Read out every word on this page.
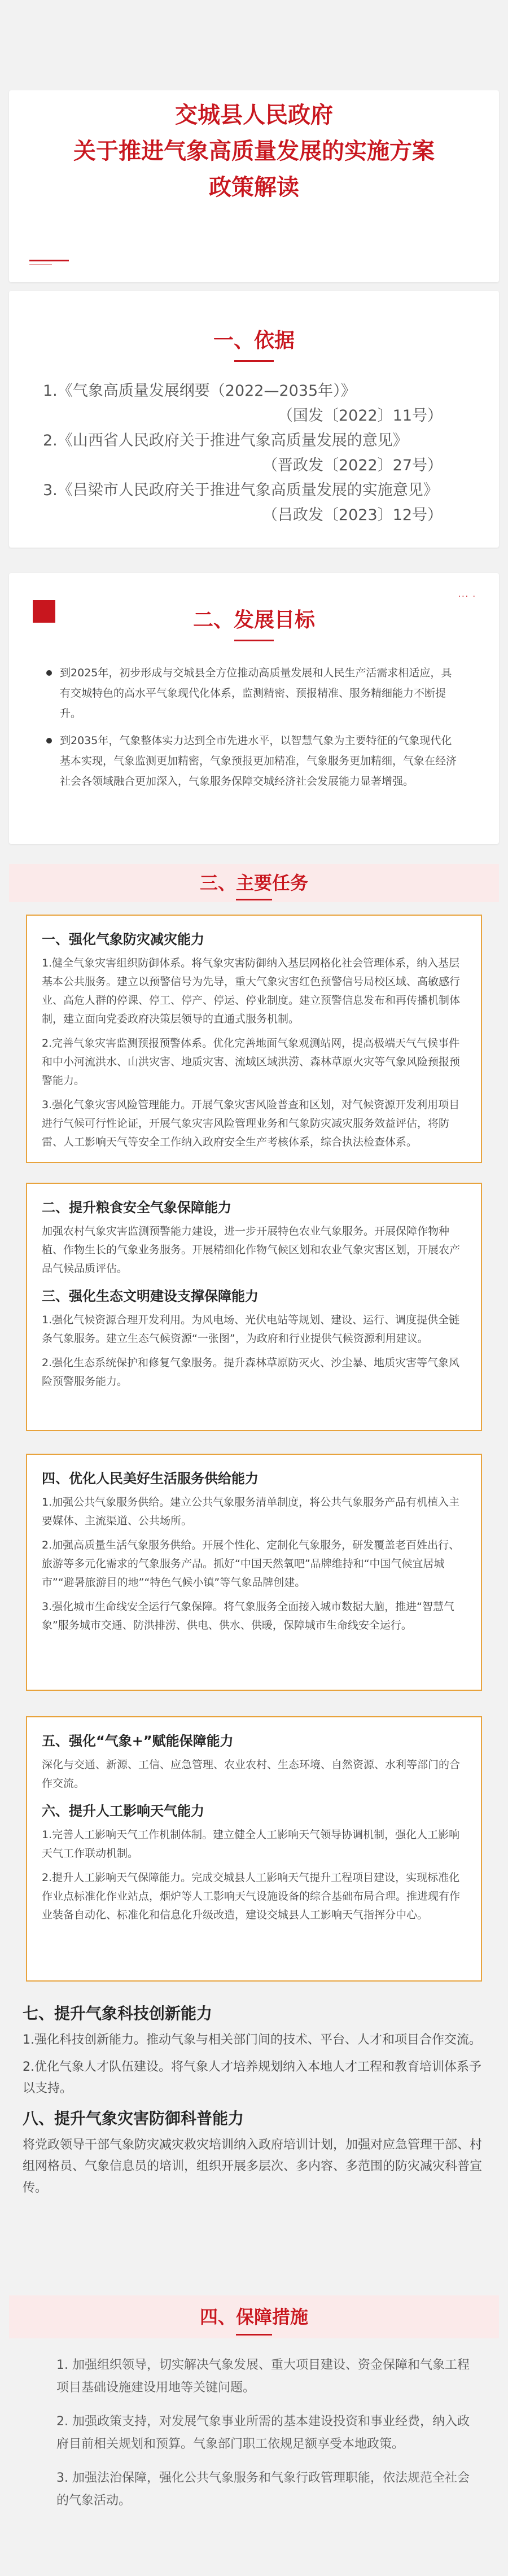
交城县人民政府
关于推进气象高质量发展的实施方案
政策解读
一、依据
1.《气象高质量发展纲要（2022—2035年）》
（国发〔2022〕11号）
2.《山西省人民政府关于推进气象高质量发展的意见》
（晋政发〔2022〕27号）
3.《吕梁市人民政府关于推进气象高质量发展的实施意见》
（吕政发〔2023〕12号）
··· ·
二、发展目标
到2025年，初步形成与交城县全方位推动高质量发展和人民生产活需求相适应，具有交城特色的高水平气象现代化体系，监测精密、预报精准、服务精细能力不断提升。
到2035年，气象整体实力达到全市先进水平，以智慧气象为主要特征的气象现代化基本实现，气象监测更加精密，气象预报更加精准，气象服务更加精细，气象在经济社会各领域融合更加深入，气象服务保障交城经济社会发展能力显著增强。
三、主要任务
一、强化气象防灾减灾能力
1.健全气象灾害组织防御体系。将气象灾害防御纳入基层网格化社会管理体系，纳入基层基本公共服务。建立以预警信号为先导，重大气象灾害红色预警信号局校区域、高敏感行业、高危人群的停课、停工、停产、停运、停业制度。建立预警信息发布和再传播机制体制，建立面向党委政府决策层领导的直通式服务机制。
2.完善气象灾害监测预报预警体系。优化完善地面气象观测站网，提高极端天气气候事件和中小河流洪水、山洪灾害、地质灾害、流域区域洪涝、森林草原火灾等气象风险预报预警能力。
3.强化气象灾害风险管理能力。开展气象灾害风险普查和区划，对气候资源开发利用项目进行气候可行性论证，开展气象灾害风险管理业务和气象防灾减灾服务效益评估，将防雷、人工影响天气等安全工作纳入政府安全生产考核体系，综合执法检查体系。
二、提升粮食安全气象保障能力
加强农村气象灾害监测预警能力建设，进一步开展特色农业气象服务。开展保障作物种植、作物生长的气象业务服务。开展精细化作物气候区划和农业气象灾害区划，开展农产品气候品质评估。
三、强化生态文明建设支撑保障能力
1.强化气候资源合理开发利用。为风电场、光伏电站等规划、建设、运行、调度提供全链条气象服务。建立生态气候资源“一张图”，为政府和行业提供气候资源利用建议。
2.强化生态系统保护和修复气象服务。提升森林草原防灭火、沙尘暴、地质灾害等气象风险预警服务能力。
四、优化人民美好生活服务供给能力
1.加强公共气象服务供给。建立公共气象服务清单制度，将公共气象服务产品有机植入主要媒体、主流渠道、公共场所。
2.加强高质量生活气象服务供给。开展个性化、定制化气象服务，研发覆盖老百姓出行、旅游等多元化需求的气象服务产品。抓好“中国天然氧吧”品牌维持和“中国气候宜居城市”“避暑旅游目的地”“特色气候小镇”等气象品牌创建。
3.强化城市生命线安全运行气象保障。将气象服务全面接入城市数据大脑，推进“智慧气象”服务城市交通、防洪排涝、供电、供水、供暖，保障城市生命线安全运行。
五、强化“气象+”赋能保障能力
深化与交通、新源、工信、应急管理、农业农村、生态环境、自然资源、水利等部门的合作交流。
六、提升人工影响天气能力
1.完善人工影响天气工作机制体制。建立健全人工影响天气领导协调机制，强化人工影响天气工作联动机制。
2.提升人工影响天气保障能力。完成交城县人工影响天气提升工程项目建设，实现标准化作业点标准化作业站点，烟炉等人工影响天气设施设备的综合基础布局合理。推进现有作业装备自动化、标准化和信息化升级改造，建设交城县人工影响天气指挥分中心。
七、提升气象科技创新能力
1.强化科技创新能力。推动气象与相关部门间的技术、平台、人才和项目合作交流。
2.优化气象人才队伍建设。将气象人才培养规划纳入本地人才工程和教育培训体系予以支持。
八、提升气象灾害防御科普能力
将党政领导干部气象防灾减灾救灾培训纳入政府培训计划，加强对应急管理干部、村组网格员、气象信息员的培训，组织开展多层次、多内容、多范围的防灾减灾科普宣传。
四、保障措施
1. 加强组织领导，切实解决气象发展、重大项目建设、资金保障和气象工程项目基础设施建设用地等关键问题。
2. 加强政策支持，对发展气象事业所需的基本建设投资和事业经费，纳入政府目前相关规划和预算。气象部门职工依规足额享受本地政策。
3. 加强法治保障，强化公共气象服务和气象行政管理职能，依法规范全社会的气象活动。
